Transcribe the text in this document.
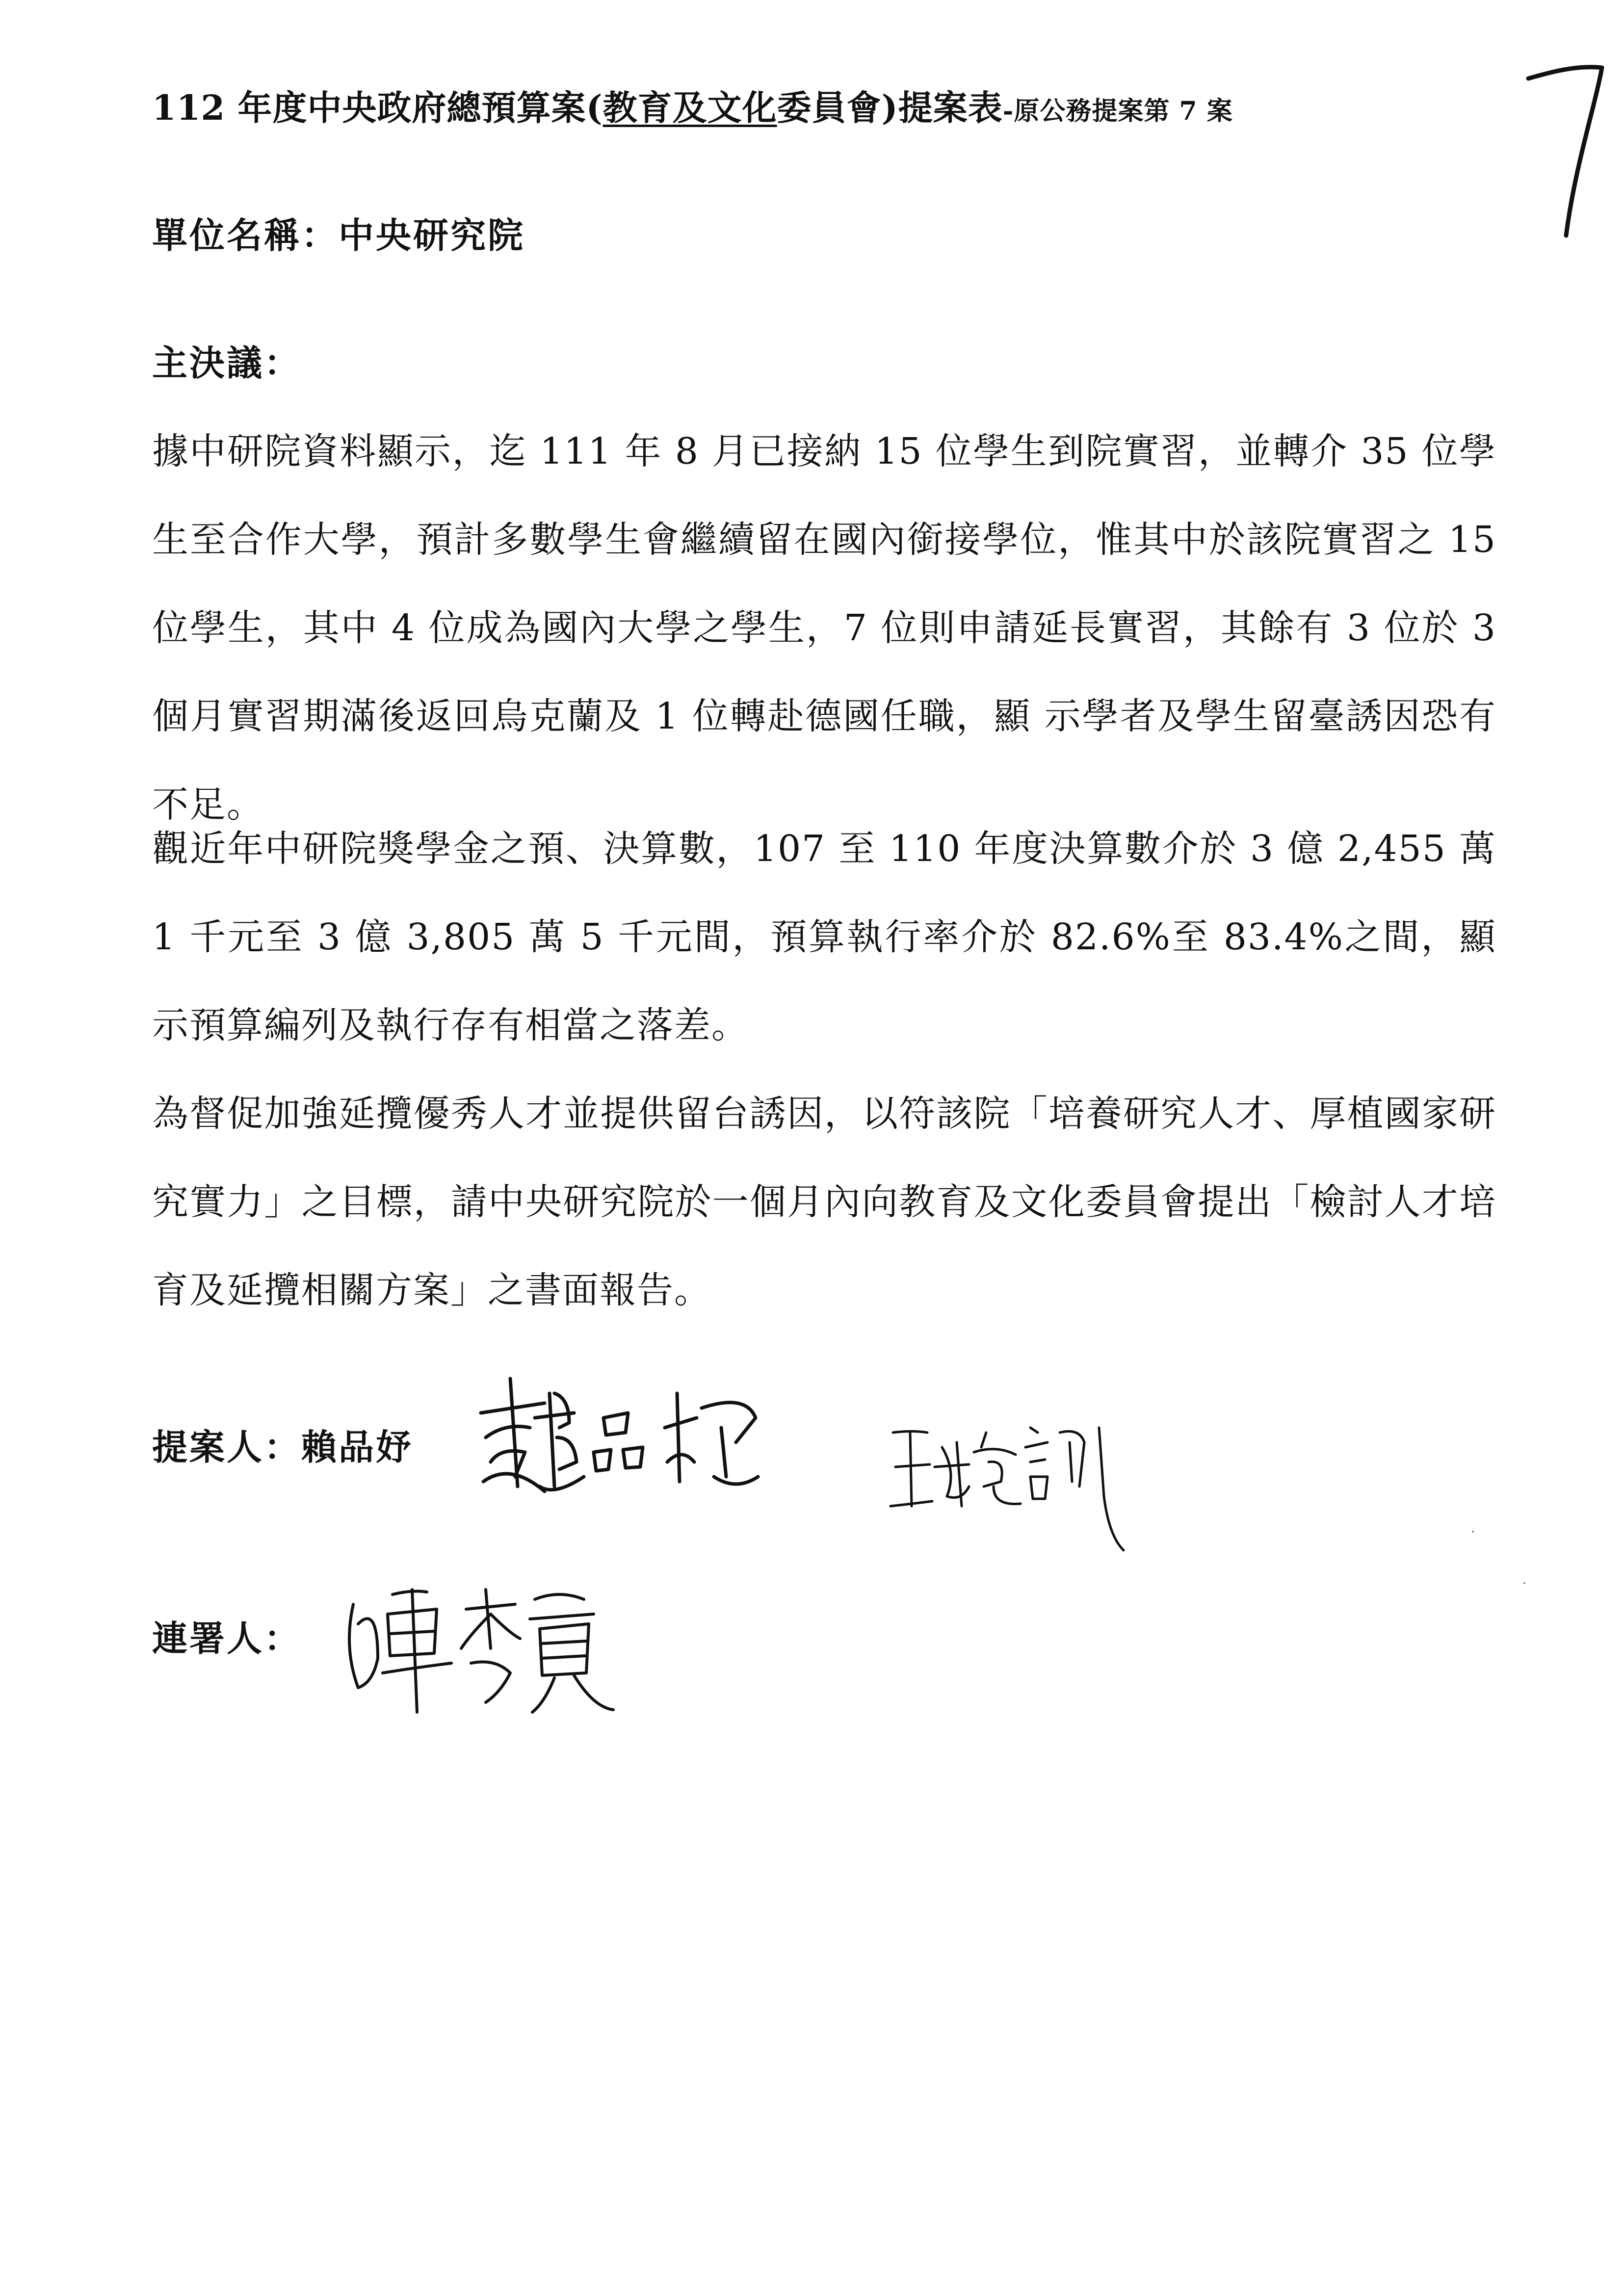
112 年度中央政府總預算案(教育及文化委員會)提案表-原公務提案第 7 案
單位名稱：中央研究院
主決議：

據中研院資料顯示，迄 111 年 8 月已接納 15 位學生到院實習，並轉介 35 位學生至合作大學，預計多數學生會繼續留在國內銜接學位，惟其中於該院實習之 15 位學生，其中 4 位成為國內大學之學生，7 位則申請延長實習，其餘有 3 位於 3 個月實習期滿後返回烏克蘭及 1 位轉赴德國任職，顯 示學者及學生留臺誘因恐有不足。

觀近年中研院獎學金之預、決算數，107 至 110 年度決算數介於 3 億 2,455 萬 1 千元至 3 億 3,805 萬 5 千元間，預算執行率介於 82.6%至 83.4%之間，顯示預算編列及執行存有相當之落差。

為督促加強延攬優秀人才並提供留台誘因，以符該院「培養研究人才、厚植國家研究實力」之目標，請中央研究院於一個月內向教育及文化委員會提出「檢討人才培育及延攬相關方案」之書面報告。

提案人：賴品妤
連署人：
